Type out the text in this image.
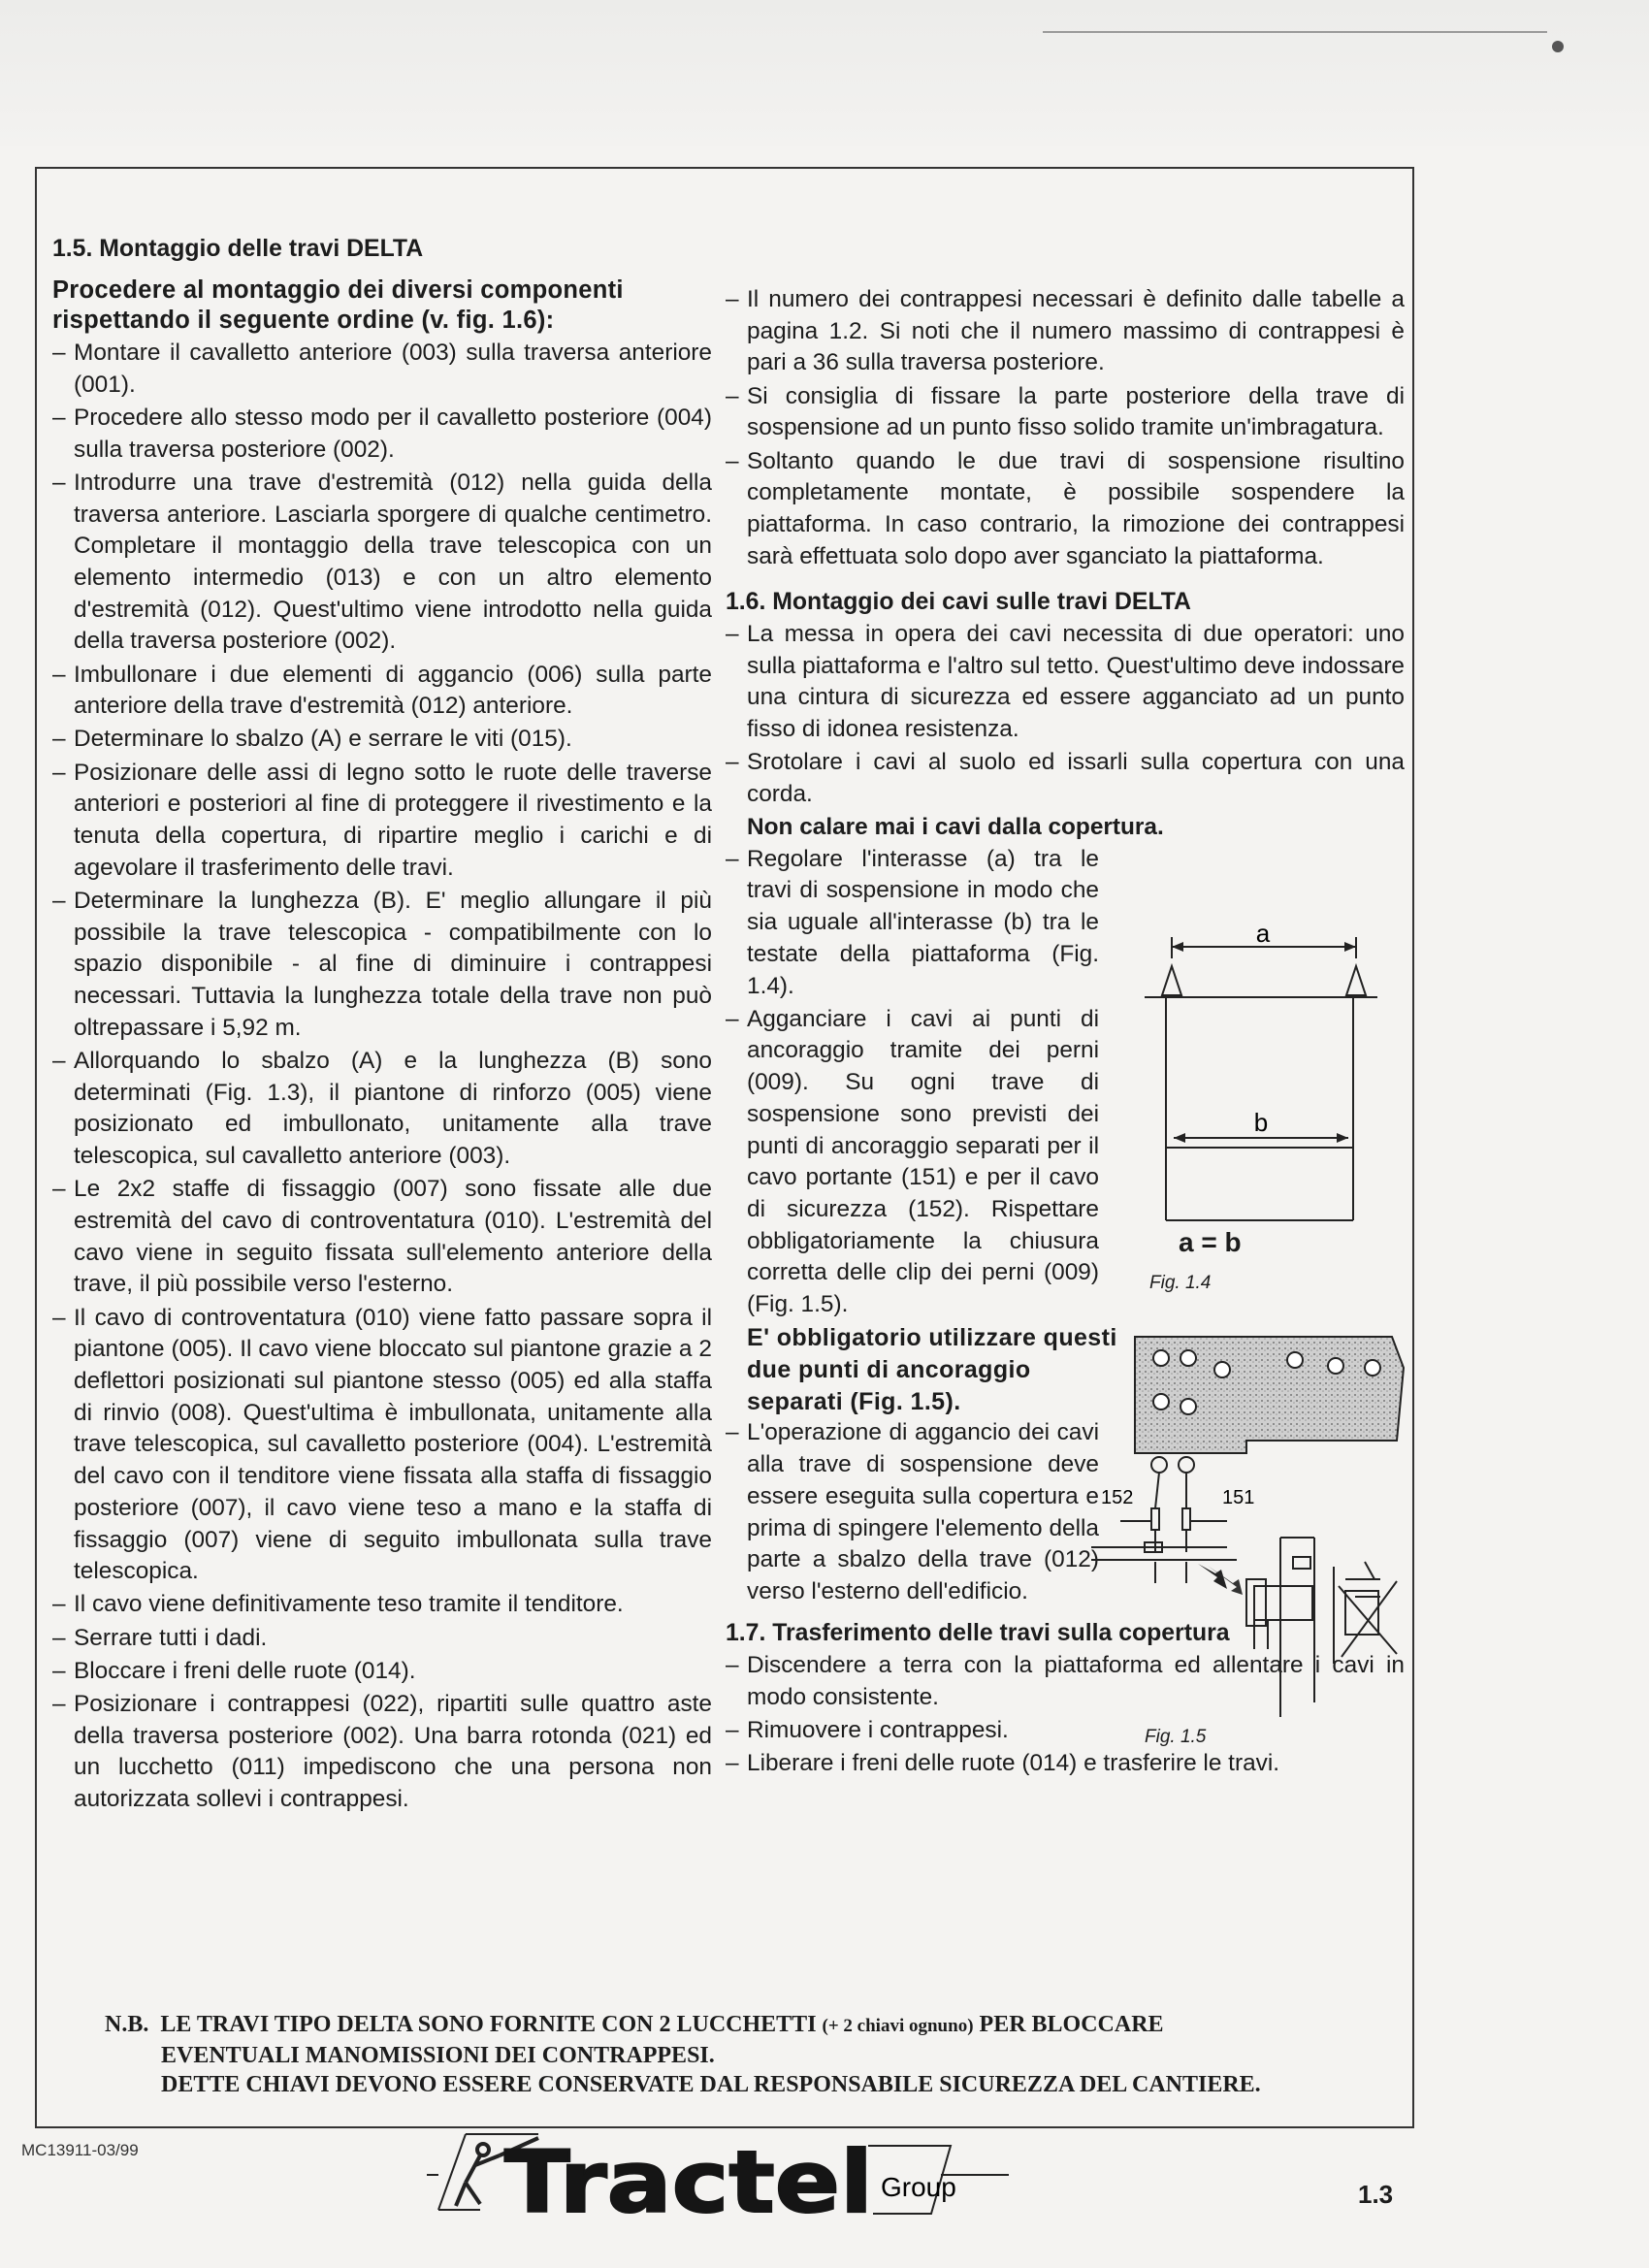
1.5. Montaggio delle travi DELTA
Procedere al montaggio dei diversi componenti rispettando il seguente ordine (v. fig. 1.6):
– Montare il cavalletto anteriore (003) sulla traversa anteriore (001).
– Procedere allo stesso modo per il cavalletto posteriore (004) sulla traversa posteriore (002).
– Introdurre una trave d'estremità (012) nella guida della traversa anteriore. Lasciarla sporgere di qualche centimetro. Completare il montaggio della trave telescopica con un elemento intermedio (013) e con un altro elemento d'estremità (012). Quest'ultimo viene introdotto nella guida della traversa posteriore (002).
– Imbullonare i due elementi di aggancio (006) sulla parte anteriore della trave d'estremità (012) anteriore.
– Determinare lo sbalzo (A) e serrare le viti (015).
– Posizionare delle assi di legno sotto le ruote delle traverse anteriori e posteriori al fine di proteggere il rivestimento e la tenuta della copertura, di ripartire meglio i carichi e di agevolare il trasferimento delle travi.
– Determinare la lunghezza (B). E' meglio allungare il più possibile la trave telescopica - compatibilmente con lo spazio disponibile - al fine di diminuire i contrappesi necessari. Tuttavia la lunghezza totale della trave non può oltrepassare i 5,92 m.
– Allorquando lo sbalzo (A) e la lunghezza (B) sono determinati (Fig. 1.3), il piantone di rinforzo (005) viene posizionato ed imbullonato, unitamente alla trave telescopica, sul cavalletto anteriore (003).
– Le 2x2 staffe di fissaggio (007) sono fissate alle due estremità del cavo di controventatura (010). L'estremità del cavo viene in seguito fissata sull'elemento anteriore della trave, il più possibile verso l'esterno.
– Il cavo di controventatura (010) viene fatto passare sopra il piantone (005). Il cavo viene bloccato sul piantone grazie a 2 deflettori posizionati sul piantone stesso (005) ed alla staffa di rinvio (008). Quest'ultima è imbullonata, unitamente alla trave telescopica, sul cavalletto posteriore (004). L'estremità del cavo con il tenditore viene fissata alla staffa di fissaggio posteriore (007), il cavo viene teso a mano e la staffa di fissaggio (007) viene di seguito imbullonata sulla trave telescopica.
– Il cavo viene definitivamente teso tramite il tenditore.
– Serrare tutti i dadi.
– Bloccare i freni delle ruote (014).
– Posizionare i contrappesi (022), ripartiti sulle quattro aste della traversa posteriore (002). Una barra rotonda (021) ed un lucchetto (011) impediscono che una persona non autorizzata sollevi i contrappesi.
– Il numero dei contrappesi necessari è definito dalle tabelle a pagina 1.2. Si noti che il numero massimo di contrappesi è pari a 36 sulla traversa posteriore.
– Si consiglia di fissare la parte posteriore della trave di sospensione ad un punto fisso solido tramite un'imbragatura.
– Soltanto quando le due travi di sospensione risultino completamente montate, è possibile sospendere la piattaforma. In caso contrario, la rimozione dei contrappesi sarà effettuata solo dopo aver sganciato la piattaforma.
1.6. Montaggio dei cavi sulle travi DELTA
– La messa in opera dei cavi necessita di due operatori: uno sulla piattaforma e l'altro sul tetto. Quest'ultimo deve indossare una cintura di sicurezza ed essere agganciato ad un punto fisso di idonea resistenza.
– Srotolare i cavi al suolo ed issarli sulla copertura con una corda.
Non calare mai i cavi dalla copertura.
– Regolare l'interasse (a) tra le travi di sospensione in modo che sia uguale all'interasse (b) tra le testate della piattaforma (Fig. 1.4).
– Agganciare i cavi ai punti di ancoraggio tramite dei perni (009). Su ogni trave di sospensione sono previsti dei punti di ancoraggio separati per il cavo portante (151) e per il cavo di sicurezza (152). Rispettare obbligatoriamente la chiusura corretta delle clip dei perni (009) (Fig. 1.5).
E' obbligatorio utilizzare questi due punti di ancoraggio separati (Fig. 1.5).
– L'operazione di aggancio dei cavi alla trave di sospensione deve essere eseguita sulla copertura e prima di spingere l'elemento della parte a sbalzo della trave (012) verso l'esterno dell'edificio.
1.7. Trasferimento delle travi sulla copertura
– Discendere a terra con la piattaforma ed allentare i cavi in modo consistente.
– Rimuovere i contrappesi.
– Liberare i freni delle ruote (014) e trasferire le travi.
a
b
a = b
Fig. 1.4
152	151
Fig. 1.5
N.B. LE TRAVI TIPO DELTA SONO FORNITE CON 2 LUCCHETTI (+ 2 chiavi ognuno) PER BLOCCARE
EVENTUALI MANOMISSIONI DEI CONTRAPPESI.
DETTE CHIAVI DEVONO ESSERE CONSERVATE DAL RESPONSABILE SICUREZZA DEL CANTIERE.
MC13911-03/99	Tractel Group	1.3
